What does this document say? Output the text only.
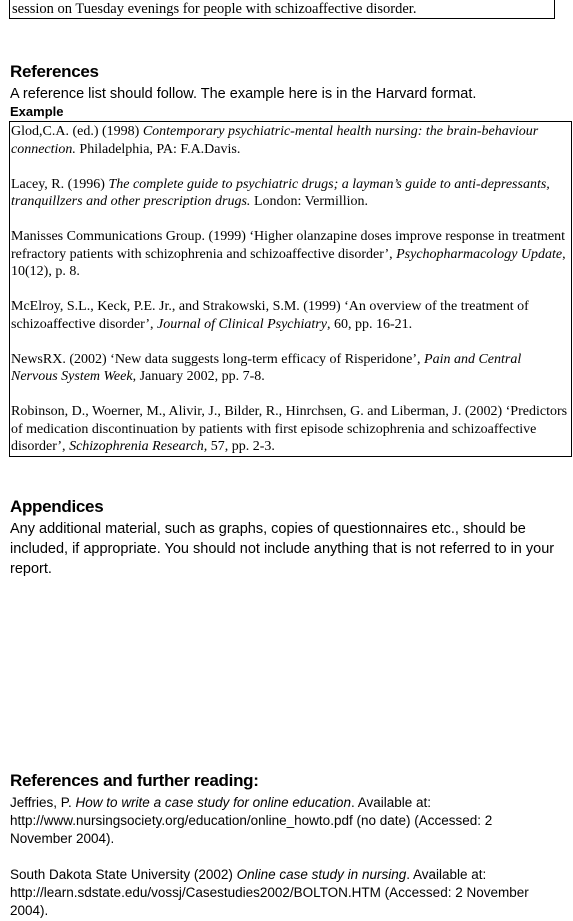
session on Tuesday evenings for people with schizoaffective disorder.
References

A reference list should follow. The example here is in the Harvard format.

Example

Glod,C.A. (ed.) (1998) Contemporary psychiatric-mental health nursing: the brain-behaviour connection. Philadelphia, PA: F.A.Davis.

Lacey, R. (1996) The complete guide to psychiatric drugs; a layman’s guide to anti-depressants, tranquillzers and other prescription drugs. London: Vermillion.

Manisses Communications Group. (1999) ‘Higher olanzapine doses improve response in treatment refractory patients with schizophrenia and schizoaffective disorder’, Psychopharmacology Update, 10(12), p. 8.

McElroy, S.L., Keck, P.E. Jr., and Strakowski, S.M. (1999) ‘An overview of the treatment of schizoaffective disorder’, Journal of Clinical Psychiatry, 60, pp. 16-21.

NewsRX. (2002) ‘New data suggests long-term efficacy of Risperidone’, Pain and Central Nervous System Week, January 2002, pp. 7-8.

Robinson, D., Woerner, M., Alivir, J., Bilder, R., Hinrchsen, G. and Liberman, J. (2002) ‘Predictors of medication discontinuation by patients with first episode schizophrenia and schizoaffective disorder’, Schizophrenia Research, 57, pp. 2-3.

Appendices

Any additional material, such as graphs, copies of questionnaires etc., should be included, if appropriate. You should not include anything that is not referred to in your report.

References and further reading:

Jeffries, P. How to write a case study for online education. Available at: http://www.nursingsociety.org/education/online_howto.pdf (no date) (Accessed: 2 November 2004).

South Dakota State University (2002) Online case study in nursing. Available at: http://learn.sdstate.edu/vossj/Casestudies2002/BOLTON.HTM (Accessed: 2 November 2004).
